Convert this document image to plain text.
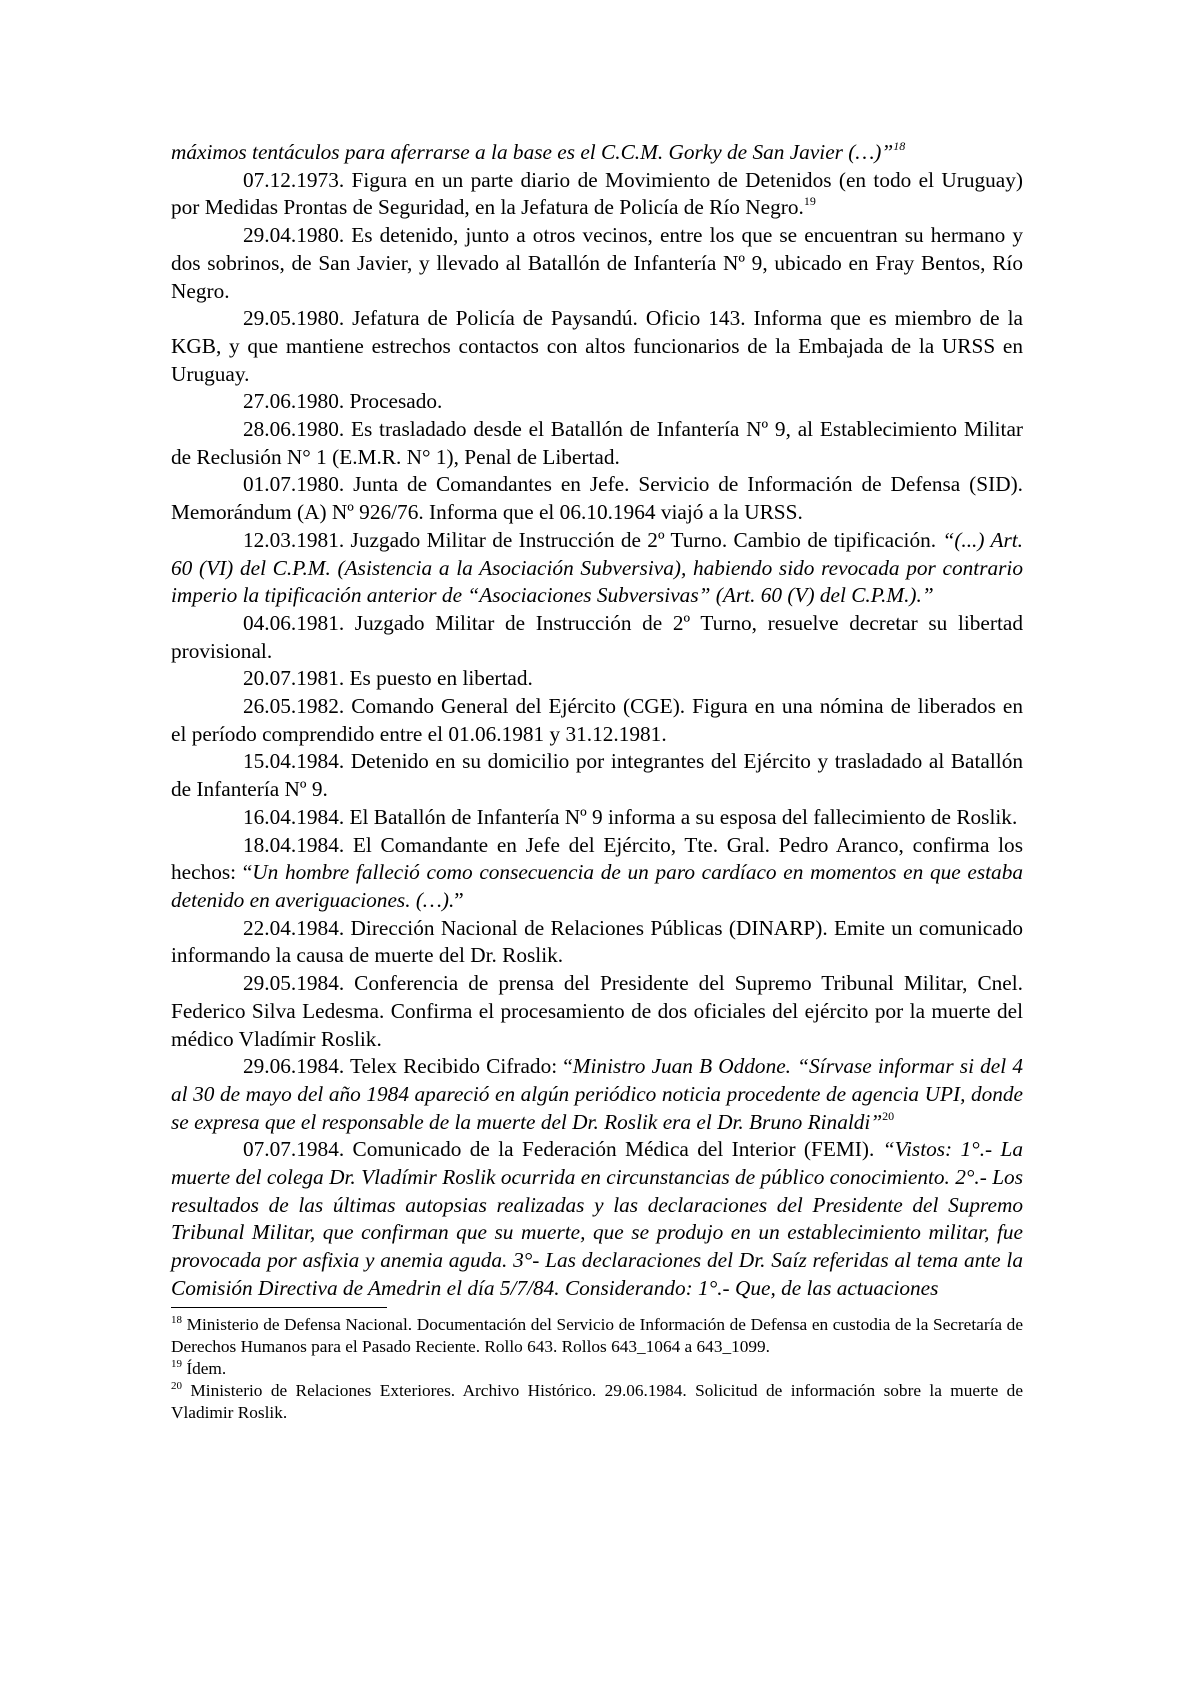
máximos tentáculos para aferrarse a la base es el C.C.M. Gorky de San Javier (…)”$^{18}$

07.12.1973. Figura en un parte diario de Movimiento de Detenidos (en todo el Uruguay) por Medidas Prontas de Seguridad, en la Jefatura de Policía de Río Negro.$^{19}$

29.04.1980. Es detenido, junto a otros vecinos, entre los que se encuentran su hermano y dos sobrinos, de San Javier, y llevado al Batallón de Infantería Nº 9, ubicado en Fray Bentos, Río Negro.

29.05.1980. Jefatura de Policía de Paysandú. Oficio 143. Informa que es miembro de la KGB, y que mantiene estrechos contactos con altos funcionarios de la Embajada de la URSS en Uruguay.

27.06.1980. Procesado.

28.06.1980. Es trasladado desde el Batallón de Infantería Nº 9, al Establecimiento Militar de Reclusión N° 1 (E.M.R. N° 1), Penal de Libertad.

01.07.1980. Junta de Comandantes en Jefe. Servicio de Información de Defensa (SID). Memorándum (A) Nº 926/76. Informa que el 06.10.1964 viajó a la URSS.

12.03.1981. Juzgado Militar de Instrucción de 2º Turno. Cambio de tipificación. “(...) Art. 60 (VI) del C.P.M. (Asistencia a la Asociación Subversiva), habiendo sido revocada por contrario imperio la tipificación anterior de “Asociaciones Subversivas” (Art. 60 (V) del C.P.M.).”

04.06.1981. Juzgado Militar de Instrucción de 2º Turno, resuelve decretar su libertad provisional.

20.07.1981. Es puesto en libertad.

26.05.1982. Comando General del Ejército (CGE). Figura en una nómina de liberados en el período comprendido entre el 01.06.1981 y 31.12.1981.

15.04.1984. Detenido en su domicilio por integrantes del Ejército y trasladado al Batallón de Infantería Nº 9.

16.04.1984. El Batallón de Infantería Nº 9 informa a su esposa del fallecimiento de Roslik.

18.04.1984. El Comandante en Jefe del Ejército, Tte. Gral. Pedro Aranco, confirma los hechos: “Un hombre falleció como consecuencia de un paro cardíaco en momentos en que estaba detenido en averiguaciones. (…).”

22.04.1984. Dirección Nacional de Relaciones Públicas (DINARP). Emite un comunicado informando la causa de muerte del Dr. Roslik.

29.05.1984. Conferencia de prensa del Presidente del Supremo Tribunal Militar, Cnel. Federico Silva Ledesma. Confirma el procesamiento de dos oficiales del ejército por la muerte del médico Vladímir Roslik.

29.06.1984. Telex Recibido Cifrado: “Ministro Juan B Oddone. “Sírvase informar si del 4 al 30 de mayo del año 1984 apareció en algún periódico noticia procedente de agencia UPI, donde se expresa que el responsable de la muerte del Dr. Roslik era el Dr. Bruno Rinaldi”$^{20}$

07.07.1984. Comunicado de la Federación Médica del Interior (FEMI). “Vistos: 1°.- La muerte del colega Dr. Vladímir Roslik ocurrida en circunstancias de público conocimiento. 2°.- Los resultados de las últimas autopsias realizadas y las declaraciones del Presidente del Supremo Tribunal Militar, que confirman que su muerte, que se produjo en un establecimiento militar, fue provocada por asfixia y anemia aguda. 3°- Las declaraciones del Dr. Saíz referidas al tema ante la Comisión Directiva de Amedrin el día 5/7/84. Considerando: 1°.- Que, de las actuaciones

$^{18}$ Ministerio de Defensa Nacional. Documentación del Servicio de Información de Defensa en custodia de la Secretaría de Derechos Humanos para el Pasado Reciente. Rollo 643. Rollos 643_1064 a 643_1099.

$^{19}$ Ídem.

$^{20}$ Ministerio de Relaciones Exteriores. Archivo Histórico. 29.06.1984. Solicitud de información sobre la muerte de Vladimir Roslik.
